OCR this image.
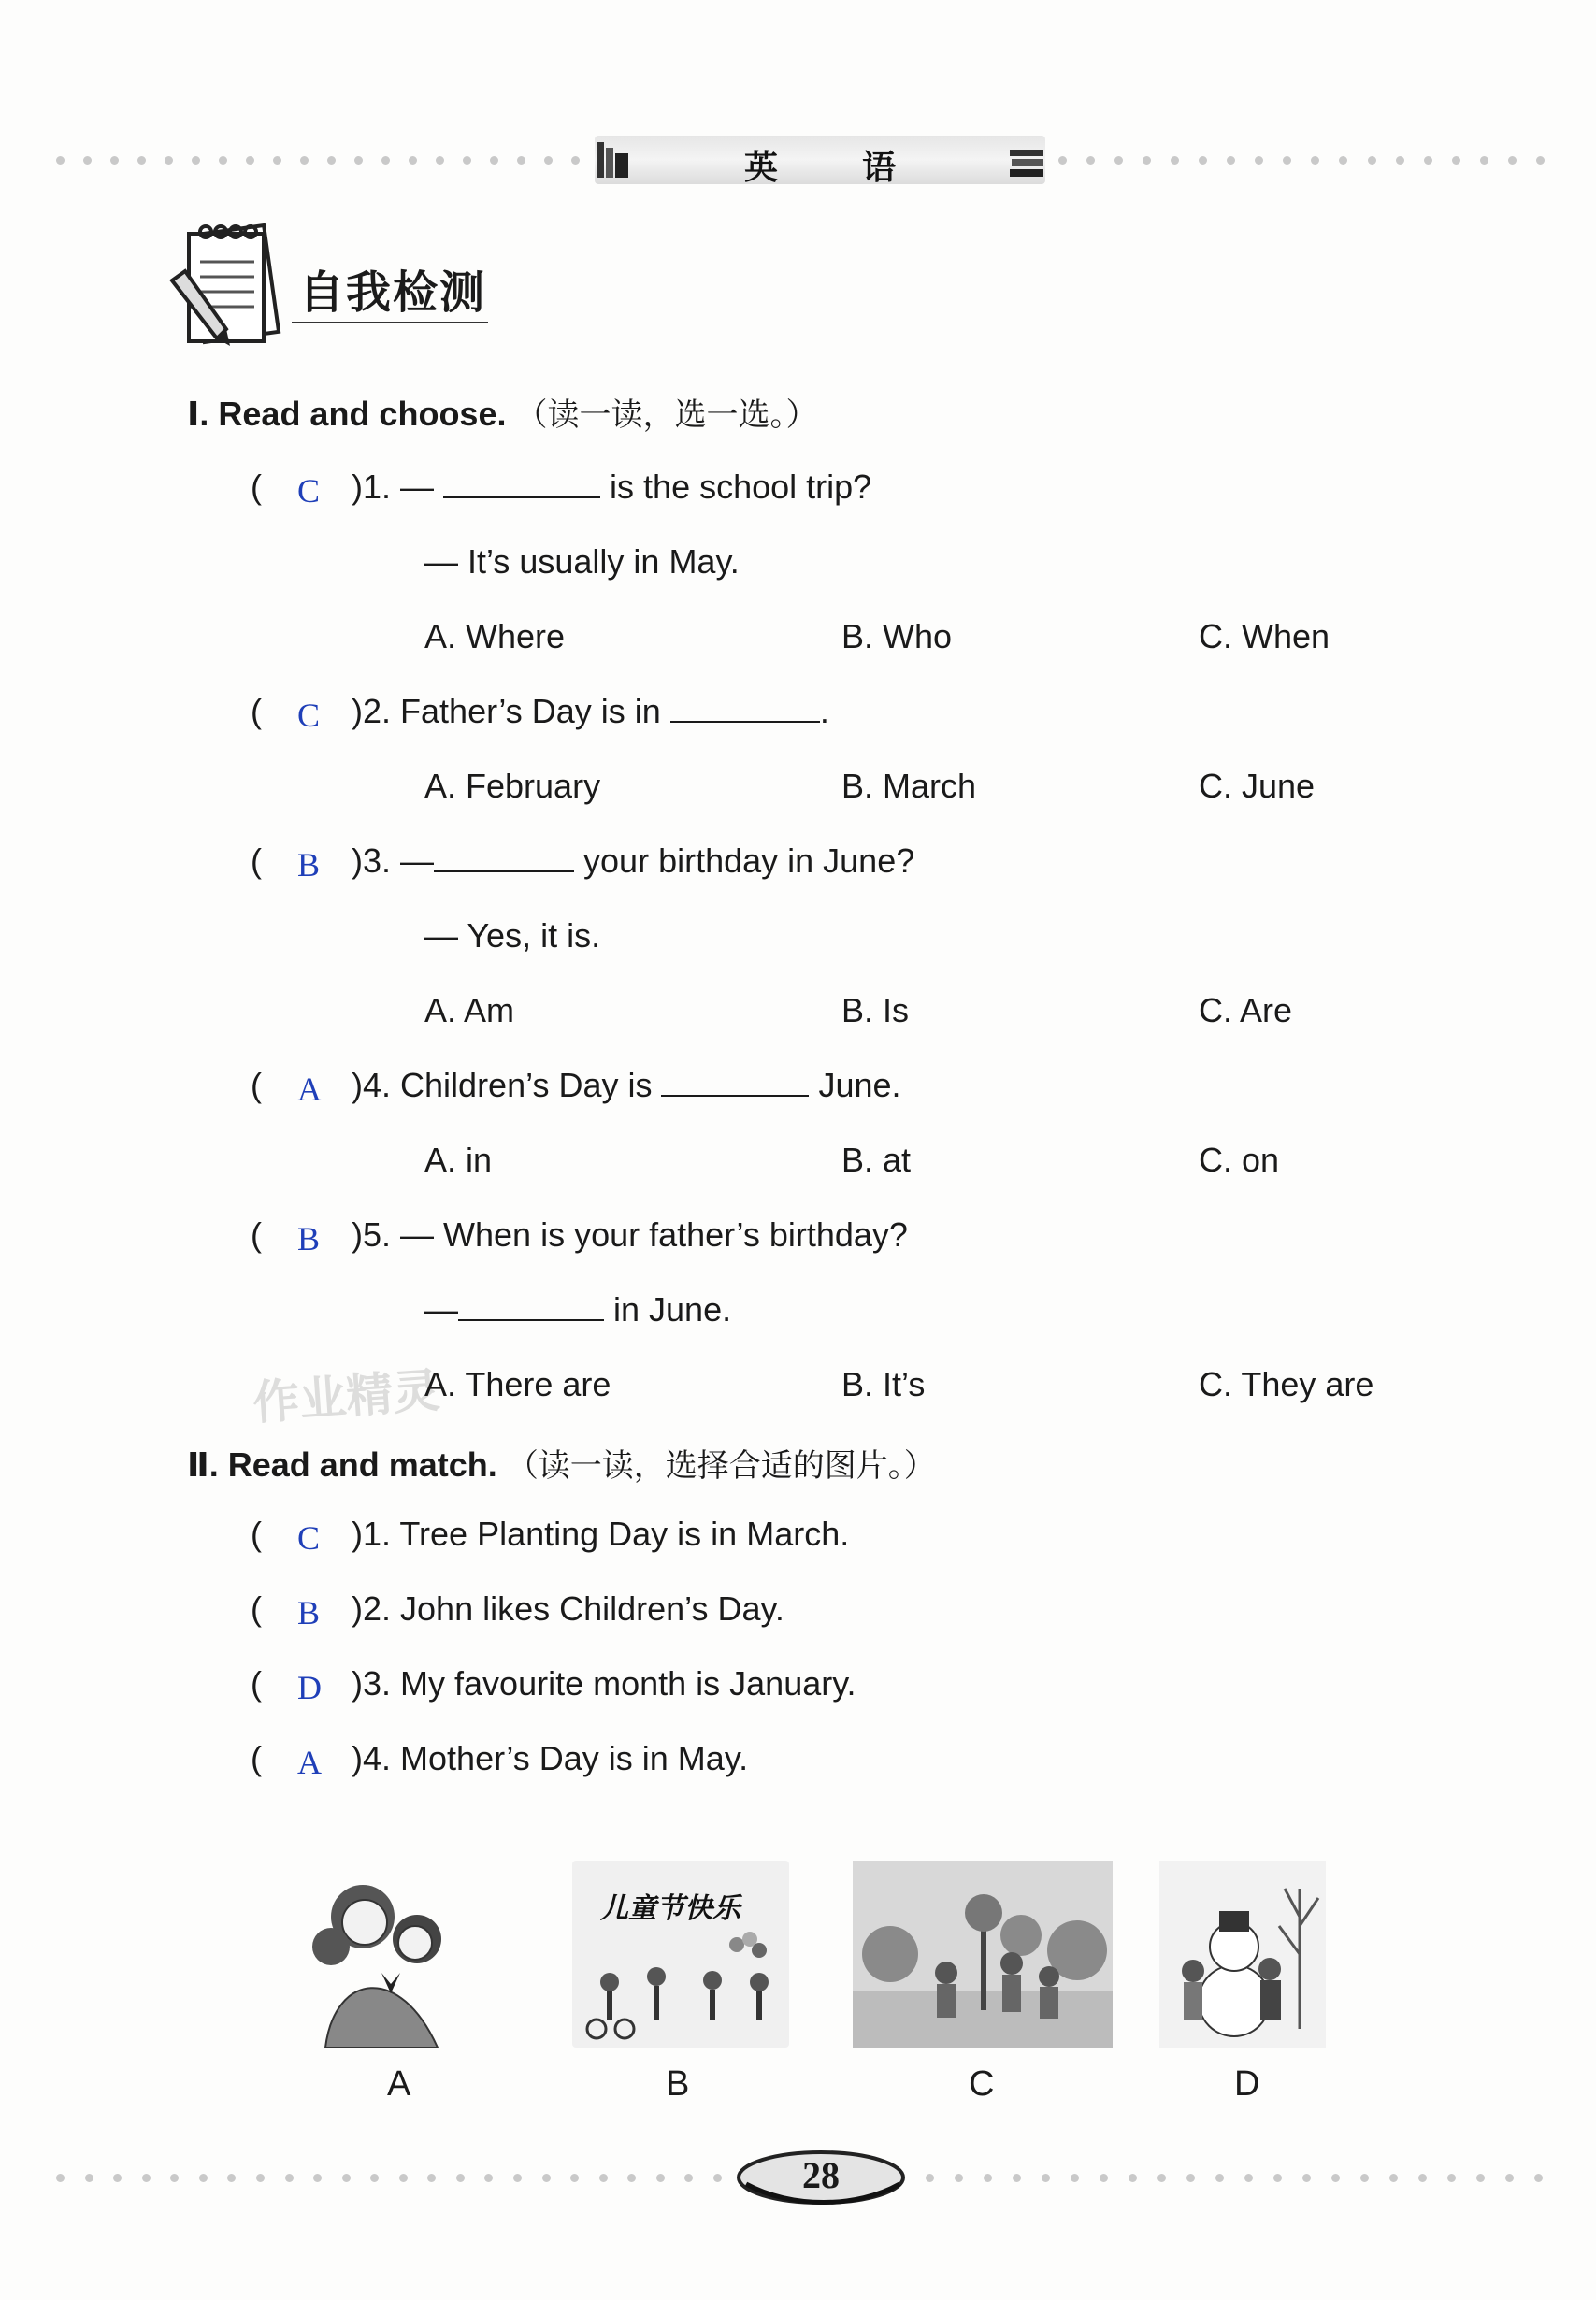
英语
自我检测
Ⅰ. Read and choose. （读一读，选一选。）
( C )1. —	is the school trip?
— It’s usually in May.
A. Where	B. Who	C. When
( C )2. Father’s Day is in	.
A. February	B. March	C. June
( B )3. —	your birthday in June?
— Yes, it is.
A. Am	B. Is	C. Are
( A )4. Children’s Day is	June.
A. in	B. at	C. on
( B )5. — When is your father’s birthday?
—	in June.
作业精灵
A. There are	B. It’s	C. They are
Ⅱ. Read and match. （读一读，选择合适的图片。）
( C )1. Tree Planting Day is in March.
( B )2. John likes Children’s Day.
( D )3. My favourite month is January.
( A )4. Mother’s Day is in May.
A
儿童节快乐
B	C	D
28
